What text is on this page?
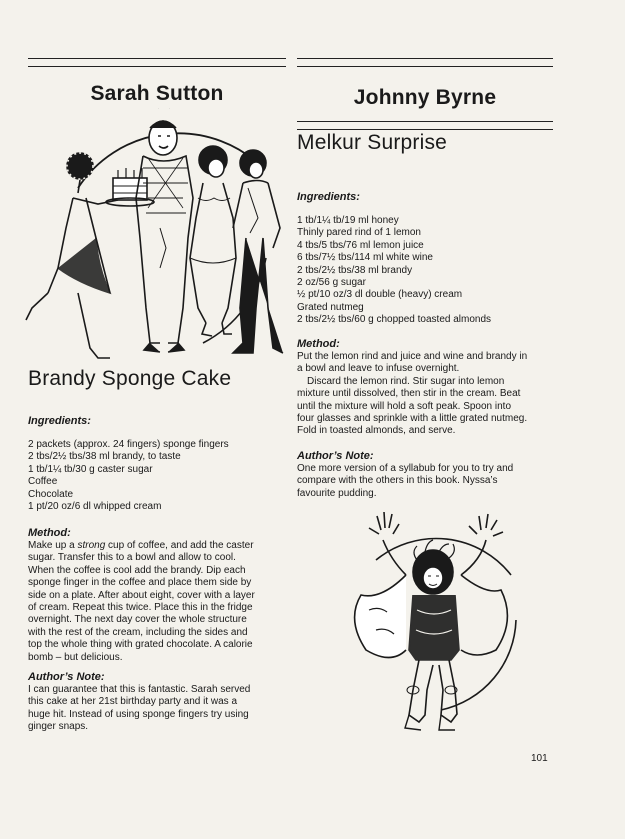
Sarah Sutton
Brandy Sponge Cake
Ingredients:
2 packets (approx. 24 fingers) sponge fingers
2 tbs/2½ tbs/38 ml brandy, to taste
1 tb/1¼ tb/30 g caster sugar
Coffee
Chocolate
1 pt/20 oz/6 dl whipped cream
Method:
Make up a strong cup of coffee, and add the caster
sugar. Transfer this to a bowl and allow to cool.
When the coffee is cool add the brandy. Dip each
sponge finger in the coffee and place them side by
side on a plate. After about eight, cover with a layer
of cream. Repeat this twice. Place this in the fridge
overnight. The next day cover the whole structure
with the rest of the cream, including the sides and
top the whole thing with grated chocolate. A calorie
bomb – but delicious.
Author’s Note:
I can guarantee that this is fantastic. Sarah served
this cake at her 21st birthday party and it was a
huge hit. Instead of using sponge fingers try using
ginger snaps.
Johnny Byrne
Melkur Surprise
Ingredients:
1 tb/1¼ tb/19 ml honey
Thinly pared rind of 1 lemon
4 tbs/5 tbs/76 ml lemon juice
6 tbs/7½ tbs/114 ml white wine
2 tbs/2½ tbs/38 ml brandy
2 oz/56 g sugar
½ pt/10 oz/3 dl double (heavy) cream
Grated nutmeg
2 tbs/2½ tbs/60 g chopped toasted almonds
Method:
Put the lemon rind and juice and wine and brandy in
a bowl and leave to infuse overnight.
Discard the lemon rind. Stir sugar into lemon
mixture until dissolved, then stir in the cream. Beat
until the mixture will hold a soft peak. Spoon into
four glasses and sprinkle with a little grated nutmeg.
Fold in toasted almonds, and serve.
Author’s Note:
One more version of a syllabub for you to try and
compare with the others in this book. Nyssa’s
favourite pudding.
101
